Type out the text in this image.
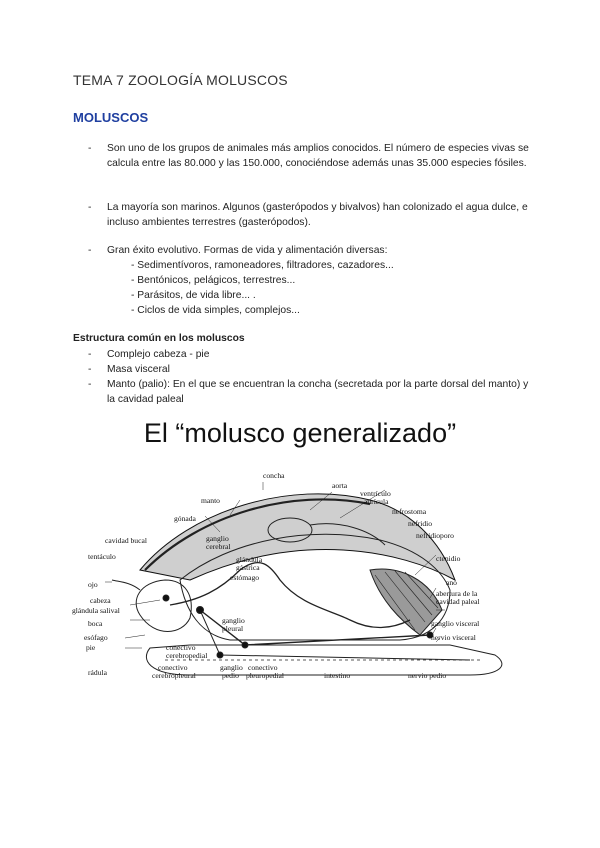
TEMA 7 ZOOLOGÍA MOLUSCOS
MOLUSCOS
- Son uno de los grupos de animales más amplios conocidos. El número de especies vivas se calcula entre las 80.000 y las 150.000, conociéndose además unas 35.000 especies fósiles.
- La mayoría son marinos. Algunos (gasterópodos y bivalvos) han colonizado el agua dulce, e incluso ambientes terrestres (gasterópodos).
- Gran éxito evolutivo. Formas de vida y alimentación diversas:
- Sedimentívoros, ramoneadores, filtradores, cazadores...
- Bentónicos, pelágicos, terrestres...
- Parásitos, de vida libre... .
- Ciclos de vida simples, complejos...
Estructura común en los moluscos
- Complejo cabeza - pie
- Masa visceral
- Manto (palio): En el que se encuentran la concha (secretada por la parte dorsal del manto) y la cavidad paleal
El “molusco generalizado”
concha
aorta
ventrículo
aurícula
nefrostoma
nefridio
nefridioporo
manto
gónada
cavidad bucal	ganglio
cerebral
tentáculo	glándula
gástrica
estómago
ctenidio
ano
ojo
abertura de la
cavidad paleal
cabeza
glándula salival
boca	ganglio
pleural
ganglio visceral
esófago	nervio visceral
pie	conectivo
cerebropedial
rádula
conectivo
cerebropleural
ganglio
pedio
conectivo
pleuropedial	intestino	nervio pedio
